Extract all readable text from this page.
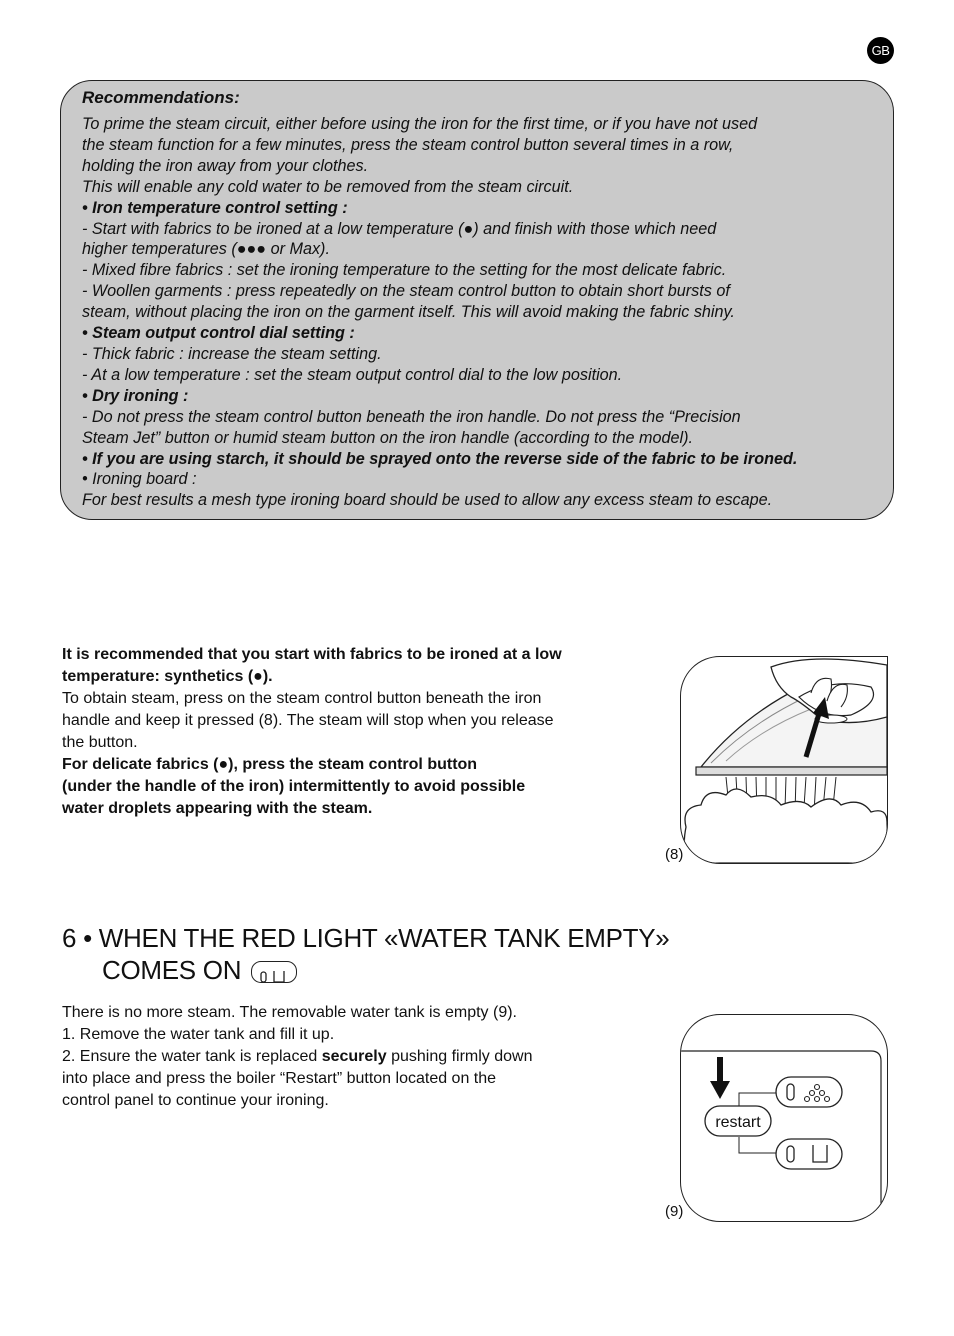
GB

Recommendations:

To prime the steam circuit, either before using the iron for the first time, or if you have not used

the steam function for a few minutes, press the steam control button several times in a row,

holding the iron away from your clothes.

This will enable any cold water to be removed from the steam circuit.

• Iron temperature control setting :

- Start with fabrics to be ironed at a low temperature (●) and finish with those which need

higher temperatures (●●● or Max).

- Mixed fibre fabrics : set the ironing temperature to the setting for the most delicate fabric.

- Woollen garments : press repeatedly on the steam control button to obtain short bursts of

steam, without placing the iron on the garment itself. This will avoid making the fabric shiny.

• Steam output control dial setting :

- Thick fabric : increase the steam setting.

- At a low temperature : set the steam output control dial to the low position.

• Dry ironing :

- Do not press the steam control button beneath the iron handle. Do not press the “Precision

Steam Jet” button or humid steam button on the iron handle (according to the model).

• If you are using starch, it should be sprayed onto the reverse side of the fabric to be ironed.

• Ironing board :

For best results a mesh type ironing board should be used to allow any excess steam to escape.

It is recommended that you start with fabrics to be ironed at a low

temperature: synthetics (●).

To obtain steam, press on the steam control button beneath the iron

handle and keep it pressed (8). The steam will stop when you release

the button.

For delicate fabrics (●), press the steam control button

(under the handle of the iron) intermittently to avoid possible

water droplets appearing with the steam.

(8)
6 • WHEN THE RED LIGHT «WATER TANK EMPTY»
COMES ON

There is no more steam. The removable water tank is empty (9).

1. Remove the water tank and fill it up.

2. Ensure the water tank is replaced securely pushing firmly down

into place and press the boiler “Restart” button located on the

control panel to continue your ironing.

restart
(9)
